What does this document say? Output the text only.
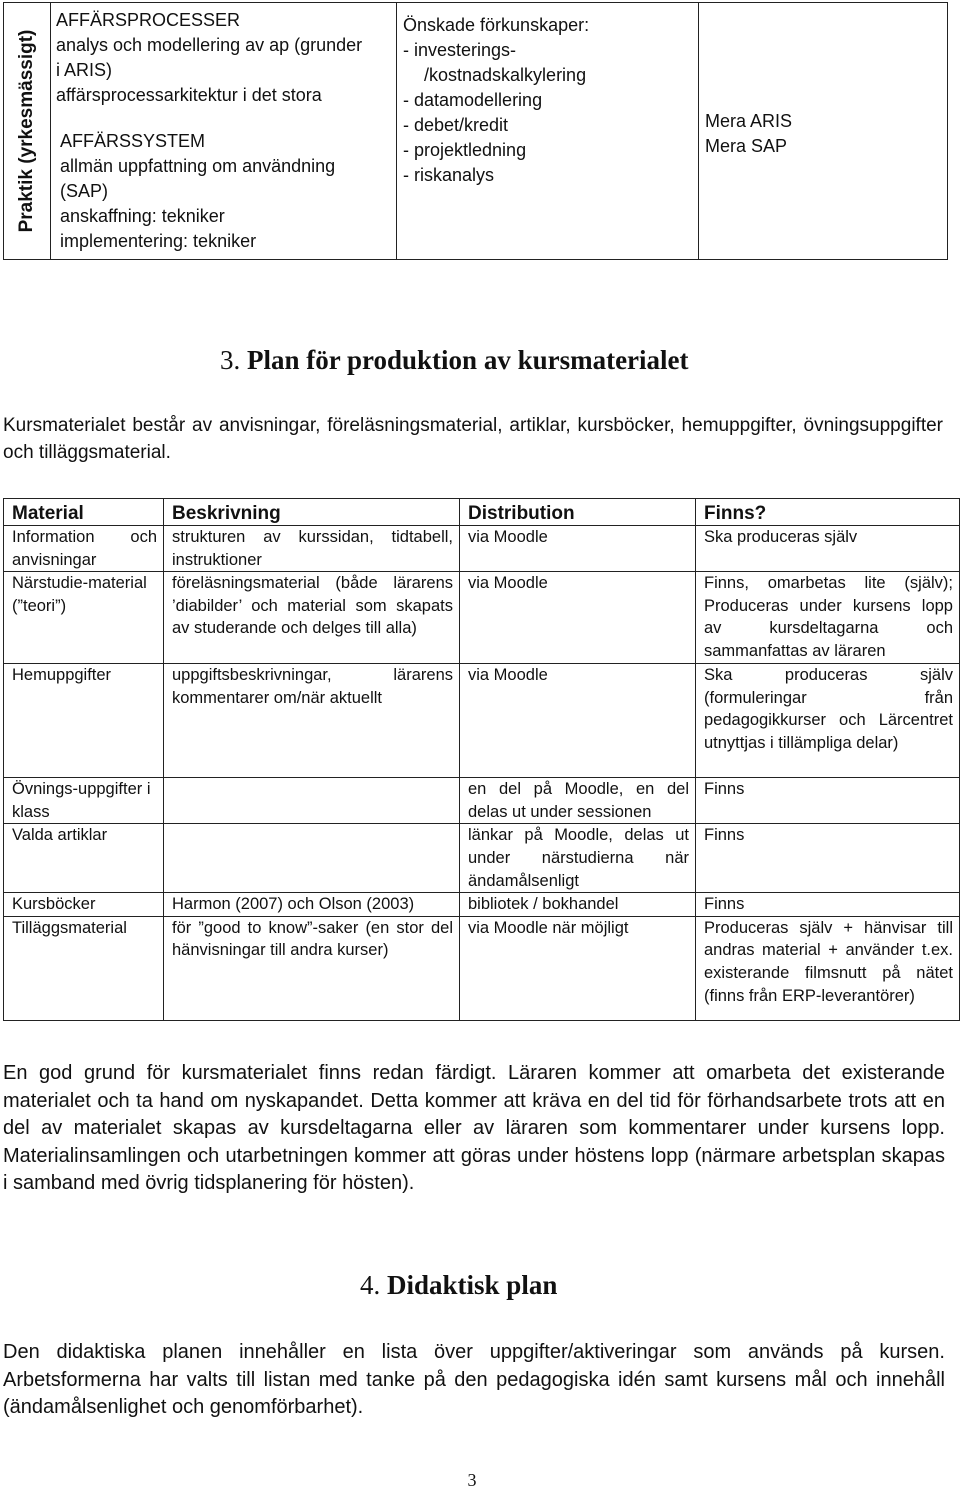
Praktik (yrkesmässigt)

AFFÄRSPROCESSER
analys och modellering av ap (grunder
i ARIS)
affärsprocessarkitektur i det stora
AFFÄRSSYSTEM
allmän uppfattning om användning
(SAP)
anskaffning: tekniker
implementering: tekniker

Önskade förkunskaper:
- investerings-
/kostnadskalkylering
- datamodellering
- debet/kredit
- projektledning
- riskanalys

Mera ARIS
Mera SAP
3. Plan för produktion av kursmaterialet
Kursmaterialet består av anvisningar, föreläsningsmaterial, artiklar, kursböcker, hemuppgifter, övningsuppgifter och tilläggsmaterial.
Material	Beskrivning	Distribution	Finns?
Information och anvisningar	strukturen av kurssidan, tidtabell, instruktioner	via Moodle	Ska produceras själv
Närstudie-material (”teori”)	föreläsningsmaterial (både lärarens ’diabilder’ och material som skapats av studerande och delges till alla)	via Moodle	Finns, omarbetas lite (själv); Produceras under kursens lopp av kursdeltagarna och sammanfattas av läraren
Hemuppgifter	uppgiftsbeskrivningar, lärarens kommentarer om/när aktuellt	via Moodle	Ska produceras själv (formuleringar från pedagogikkurser och Lärcentret utnyttjas i tillämpliga delar)
Övnings-uppgifter i klass		en del på Moodle, en del delas ut under sessionen	Finns
Valda artiklar		länkar på Moodle, delas ut under närstudierna när ändamålsenligt	Finns
Kursböcker	Harmon (2007) och Olson (2003)	bibliotek / bokhandel	Finns
Tilläggsmaterial	för ”good to know”-saker (en stor del hänvisningar till andra kurser)	via Moodle när möjligt	Produceras själv + hänvisar till andras material + använder t.ex. existerande filmsnutt på nätet (finns från ERP-leverantörer)
En god grund för kursmaterialet finns redan färdigt. Läraren kommer att omarbeta det existerande materialet och ta hand om nyskapandet. Detta kommer att kräva en del tid för förhandsarbete trots att en del av materialet skapas av kursdeltagarna eller av läraren som kommentarer under kursens lopp. Materialinsamlingen och utarbetningen kommer att göras under höstens lopp (närmare arbetsplan skapas i samband med övrig tidsplanering för hösten).
4. Didaktisk plan
Den didaktiska planen innehåller en lista över uppgifter/aktiveringar som används på kursen. Arbetsformerna har valts till listan med tanke på den pedagogiska idén samt kursens mål och innehåll (ändamålsenlighet och genomförbarhet).
3
